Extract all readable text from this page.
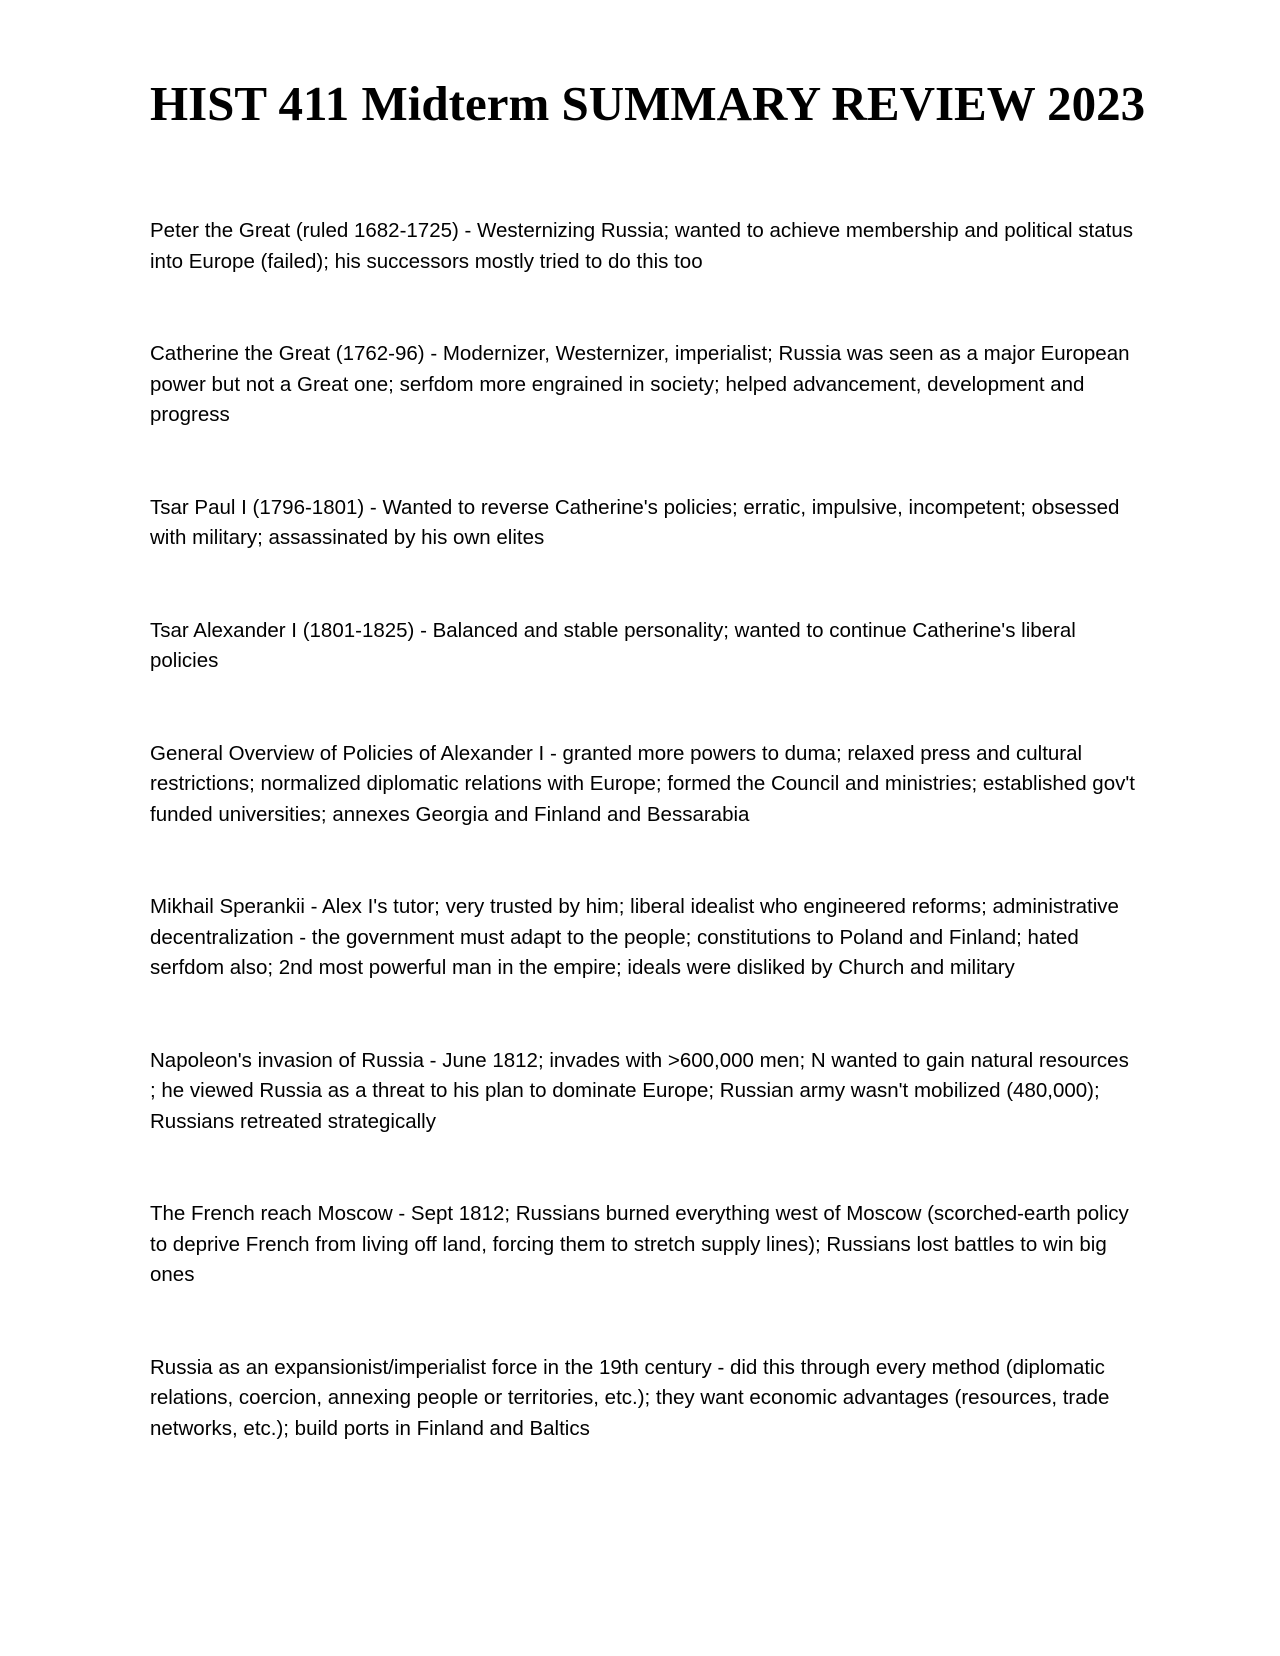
HIST 411 Midterm SUMMARY REVIEW 2023

Peter the Great (ruled 1682-1725) - Westernizing Russia; wanted to achieve membership and political status into Europe (failed); his successors mostly tried to do this too

Catherine the Great (1762-96) - Modernizer, Westernizer, imperialist; Russia was seen as a major European power but not a Great one; serfdom more engrained in society; helped advancement, development and progress

Tsar Paul I (1796-1801) - Wanted to reverse Catherine's policies; erratic, impulsive, incompetent; obsessed with military; assassinated by his own elites

Tsar Alexander I (1801-1825) - Balanced and stable personality; wanted to continue Catherine's liberal policies

General Overview of Policies of Alexander I - granted more powers to duma; relaxed press and cultural restrictions; normalized diplomatic relations with Europe; formed the Council and ministries; established gov't funded universities; annexes Georgia and Finland and Bessarabia

Mikhail Sperankii - Alex I's tutor; very trusted by him; liberal idealist who engineered reforms; administrative decentralization - the government must adapt to the people; constitutions to Poland and Finland; hated serfdom also; 2nd most powerful man in the empire; ideals were disliked by Church and military

Napoleon's invasion of Russia - June 1812; invades with >600,000 men; N wanted to gain natural resources ; he viewed Russia as a threat to his plan to dominate Europe; Russian army wasn't mobilized (480,000); Russians retreated strategically

The French reach Moscow - Sept 1812; Russians burned everything west of Moscow (scorched-earth policy to deprive French from living off land, forcing them to stretch supply lines); Russians lost battles to win big ones

Russia as an expansionist/imperialist force in the 19th century - did this through every method (diplomatic relations, coercion, annexing people or territories, etc.); they want economic advantages (resources, trade networks, etc.); build ports in Finland and Baltics
